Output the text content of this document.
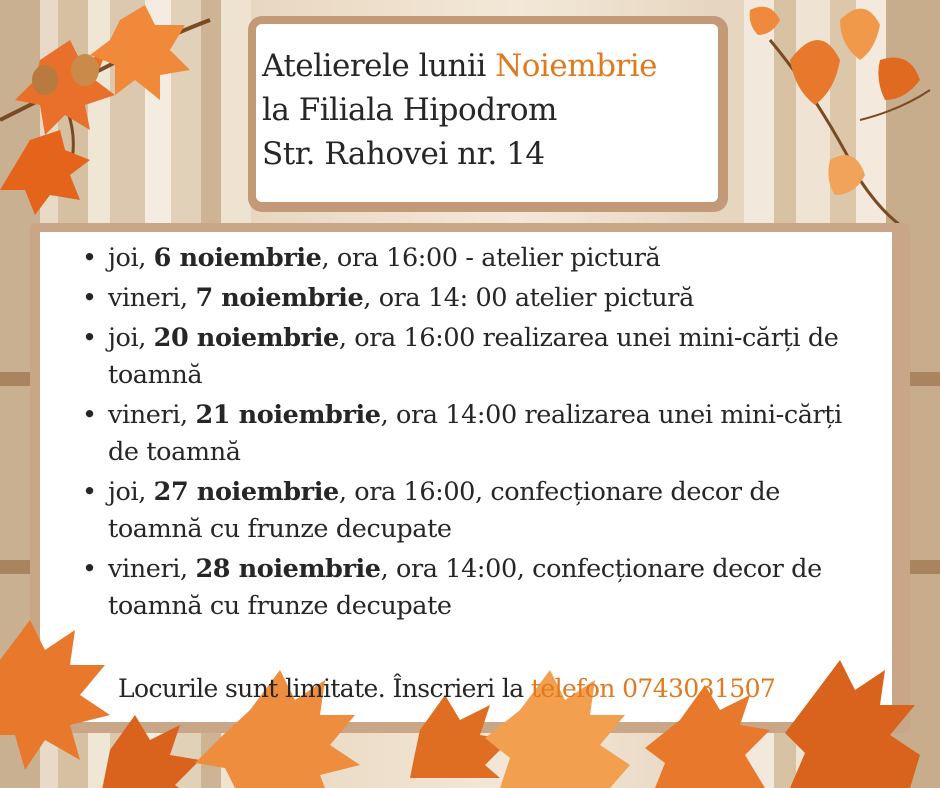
Atelierele lunii Noiembrie
la Filiala Hipodrom
Str. Rahovei nr. 14
• joi, 6 noiembrie, ora 16:00 - atelier pictură
• vineri, 7 noiembrie, ora 14: 00 atelier pictură
• joi, 20 noiembrie, ora 16:00 realizarea unei mini-cărți de toamnă
• vineri, 21 noiembrie, ora 14:00 realizarea unei mini-cărți de toamnă
• joi, 27 noiembrie, ora 16:00, confecționare decor de toamnă cu frunze decupate
• vineri, 28 noiembrie, ora 14:00, confecționare decor de toamnă cu frunze decupate
Locurile sunt limitate. Înscrieri la telefon 0743031507
